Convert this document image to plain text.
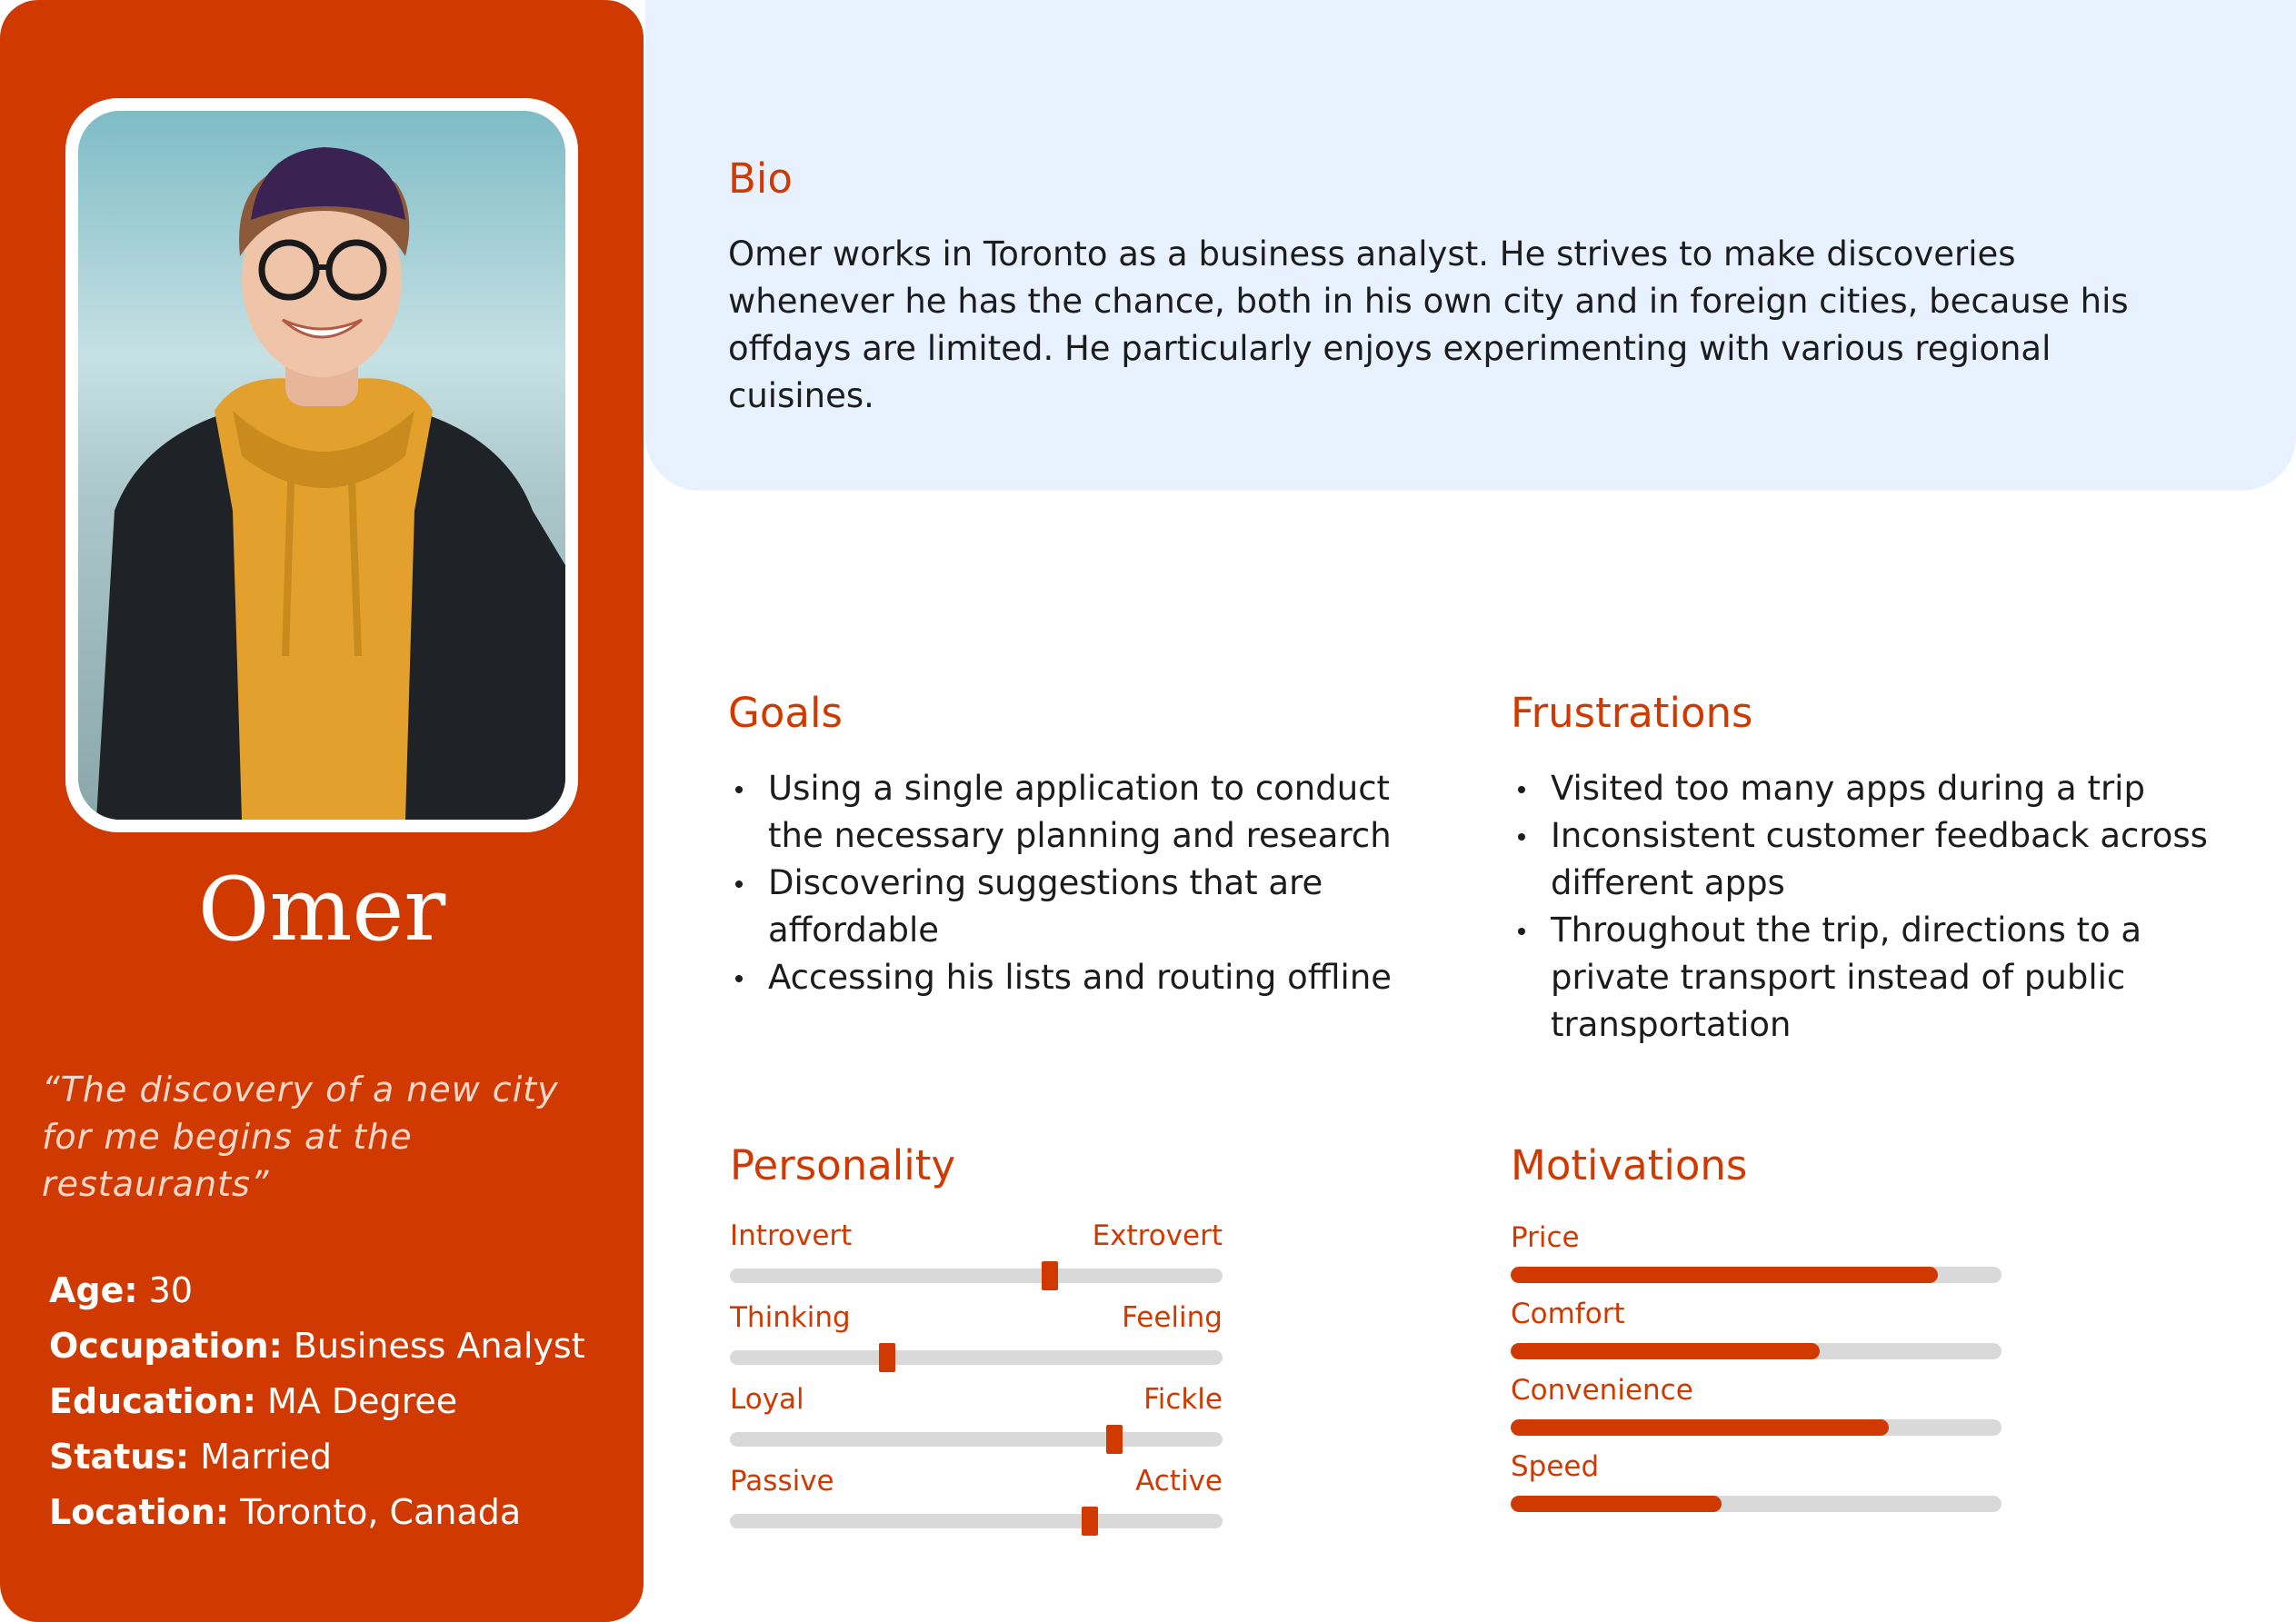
Omer
“The discovery of a new city for me begins at the restaurants”
Age: 30
Occupation: Business Analyst
Education: MA Degree
Status: Married
Location: Toronto, Canada
Bio
Omer works in Toronto as a business analyst. He strives to make discoveries whenever he has the chance, both in his own city and in foreign cities, because his offdays are limited. He particularly enjoys experimenting with various regional cuisines.
Goals
Using a single application to conduct the necessary planning and research
Discovering suggestions that are affordable
Accessing his lists and routing offline
Frustrations
Visited too many apps during a trip
Inconsistent customer feedback across different apps
Throughout the trip, directions to a private transport instead of public transportation
Personality
Introvert	Extrovert
Thinking	Feeling
Loyal	Fickle
Passive	Active
Motivations
Price
Comfort
Convenience
Speed
